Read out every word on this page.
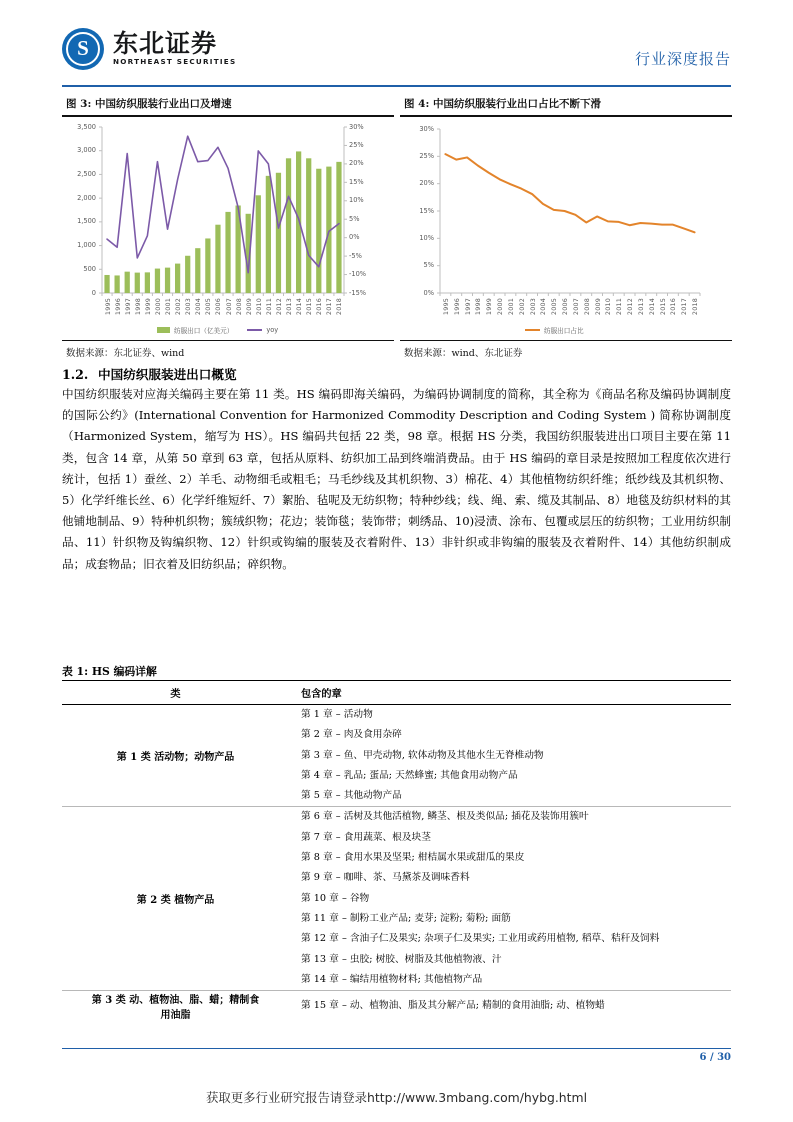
S 东北证券
NORTHEAST SECURITIES	行业深度报告
图 3: 中国纺织服装行业出口及增速
0
500
1,000
1,500
2,000
2,500
3,000
3,500
-15%
-10%
-5%
0%
5%
10%
15%
20%
25%
30%
1995 1996 1997 1998 1999 2000 2001 2002 2003 2004 2005 2006 2007 2008 2009 2010 2011 2012 2013 2014 2015 2016 2017 2018
纺服出口（亿美元）	yoy
数据来源：东北证券、wind
图 4: 中国纺织服装行业出口占比不断下滑
0%
5%
10%
15%
20%
25%
30%
1995 1996 1997 1998 1999 2000 2001 2002 2003 2004 2005 2006 2007 2008 2009 2010 2011 2012 2013 2014 2015 2016 2017 2018
纺服出口占比
数据来源：wind、东北证券
1.2. 中国纺织服装进出口概览
中国纺织服装对应海关编码主要在第 11 类。HS 编码即海关编码，为编码协调制度的简称，其全称为《商品名称及编码协调制度的国际公约》(International Convention for Harmonized Commodity Description and Coding System ) 简称协调制度（Harmonized System，缩写为 HS）。HS 编码共包括 22 类，98 章。根据 HS 分类，我国纺织服装进出口项目主要在第 11 类，包含 14 章，从第 50 章到 63 章，包括从原料、纺织加工品到终端消费品。由于 HS 编码的章目录是按照加工程度依次进行统计，包括 1）蚕丝、2）羊毛、动物细毛或粗毛；马毛纱线及其机织物、3）棉花、4）其他植物纺织纤维；纸纱线及其机织物、5）化学纤维长丝、6）化学纤维短纤、7）絮胎、毡呢及无纺织物；特种纱线；线、绳、索、缆及其制品、8）地毯及纺织材料的其他铺地制品、9）特种机织物；簇绒织物；花边；装饰毯；装饰带；刺绣品、10)浸渍、涂布、包覆或层压的纺织物；工业用纺织制品、11）针织物及钩编织物、12）针织或钩编的服装及衣着附件、13）非针织或非钩编的服装及衣着附件、14）其他纺织制成品；成套物品；旧衣着及旧纺织品；碎织物。
表 1: HS 编码详解
类	包含的章

第 1 类 活动物；动物产品	第 1 章 – 活动物
第 2 章 – 肉及食用杂碎
第 3 章 – 鱼、甲壳动物, 软体动物及其他水生无脊椎动物
第 4 章 – 乳品; 蛋品; 天然蜂蜜; 其他食用动物产品
第 5 章 – 其他动物产品

第 2 类 植物产品	
第 6 章 – 活树及其他活植物, 鳞茎、根及类似品; 插花及装饰用簇叶
第 7 章 – 食用蔬菜、根及块茎
第 8 章 – 食用水果及坚果; 柑桔属水果或甜瓜的果皮
第 9 章 – 咖啡、茶、马黛茶及调味香料
第 10 章 – 谷物
第 11 章 – 制粉工业产品; 麦芽; 淀粉; 菊粉; 面筋
第 12 章 – 含油子仁及果实; 杂项子仁及果实; 工业用或药用植物, 稻草、秸秆及饲料
第 13 章 – 虫胶; 树胶、树脂及其他植物液、汁
第 14 章 – 编结用植物材料; 其他植物产品

第 3 类 动、植物油、脂、蜡；精制食
用油脂	第 15 章 – 动、植物油、脂及其分解产品; 精制的食用油脂; 动、植物蜡
6 / 30
获取更多行业研究报告请登录http://www.3mbang.com/hybg.html
